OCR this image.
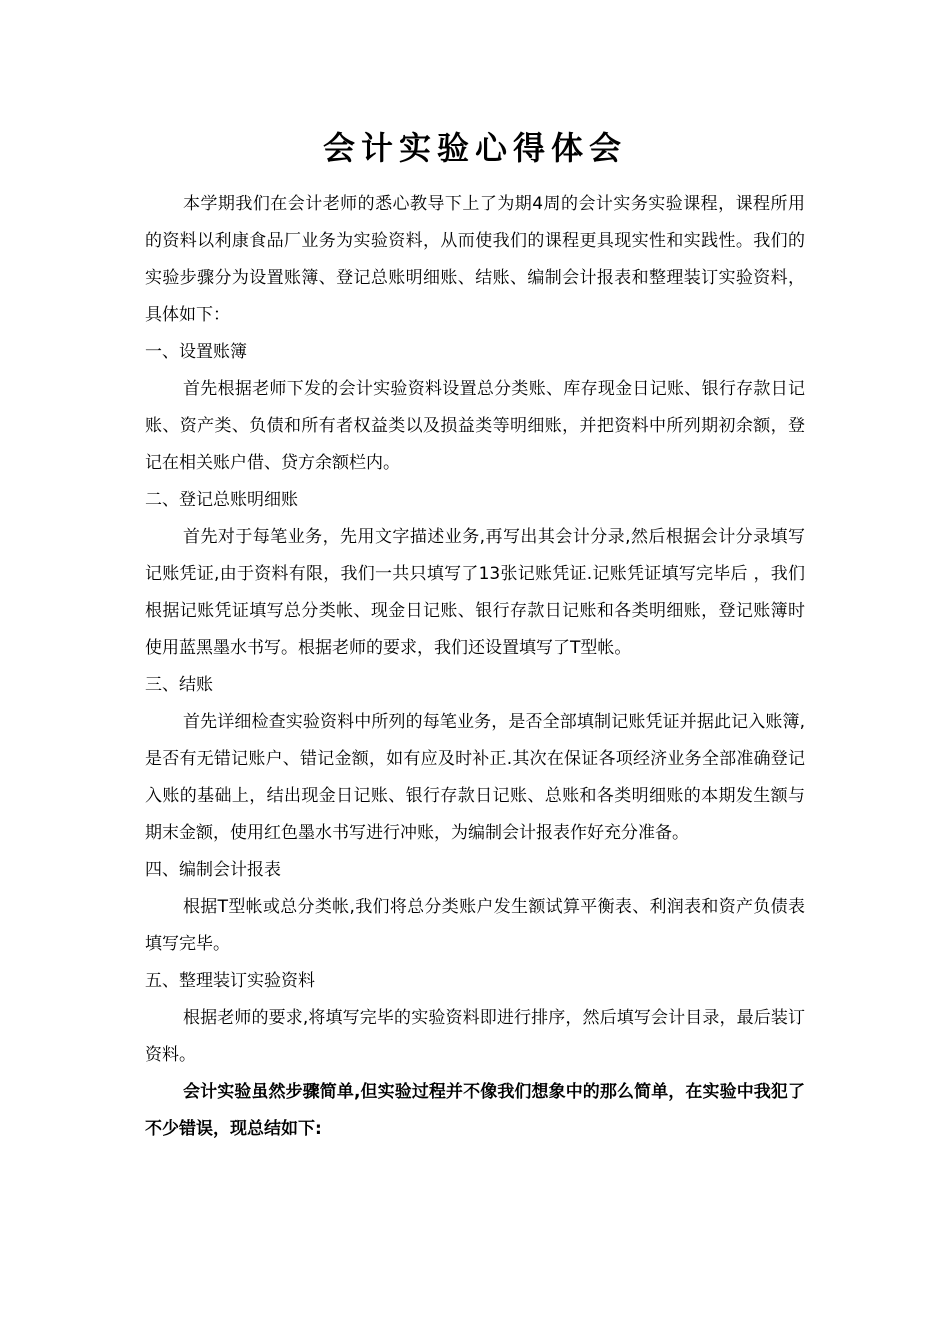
会计实验心得体会

本学期我们在会计老师的悉心教导下上了为期4周的会计实务实验课程，课程所用的资料以利康食品厂业务为实验资料，从而使我们的课程更具现实性和实践性。我们的实验步骤分为设置账簿、登记总账明细账、结账、编制会计报表和整理装订实验资料，具体如下：

一、设置账簿

首先根据老师下发的会计实验资料设置总分类账、库存现金日记账、银行存款日记账、资产类、负债和所有者权益类以及损益类等明细账，并把资料中所列期初余额，登记在相关账户借、贷方余额栏内。

二、登记总账明细账

首先对于每笔业务，先用文字描述业务,再写出其会计分录,然后根据会计分录填写记账凭证,由于资料有限，我们一共只填写了13张记账凭证.记账凭证填写完毕后 ，我们根据记账凭证填写总分类帐、现金日记账、银行存款日记账和各类明细账，登记账簿时使用蓝黑墨水书写。根据老师的要求，我们还设置填写了T型帐。

三、结账

首先详细检查实验资料中所列的每笔业务，是否全部填制记账凭证并据此记入账簿,是否有无错记账户、错记金额，如有应及时补正.其次在保证各项经济业务全部准确登记入账的基础上，结出现金日记账、银行存款日记账、总账和各类明细账的本期发生额与期末金额，使用红色墨水书写进行冲账，为编制会计报表作好充分准备。

四、编制会计报表

根据T型帐或总分类帐,我们将总分类账户发生额试算平衡表、利润表和资产负债表填写完毕。

五、整理装订实验资料

根据老师的要求,将填写完毕的实验资料即进行排序，然后填写会计目录，最后装订资料。

会计实验虽然步骤简单,但实验过程并不像我们想象中的那么简单，在实验中我犯了不少错误，现总结如下:
